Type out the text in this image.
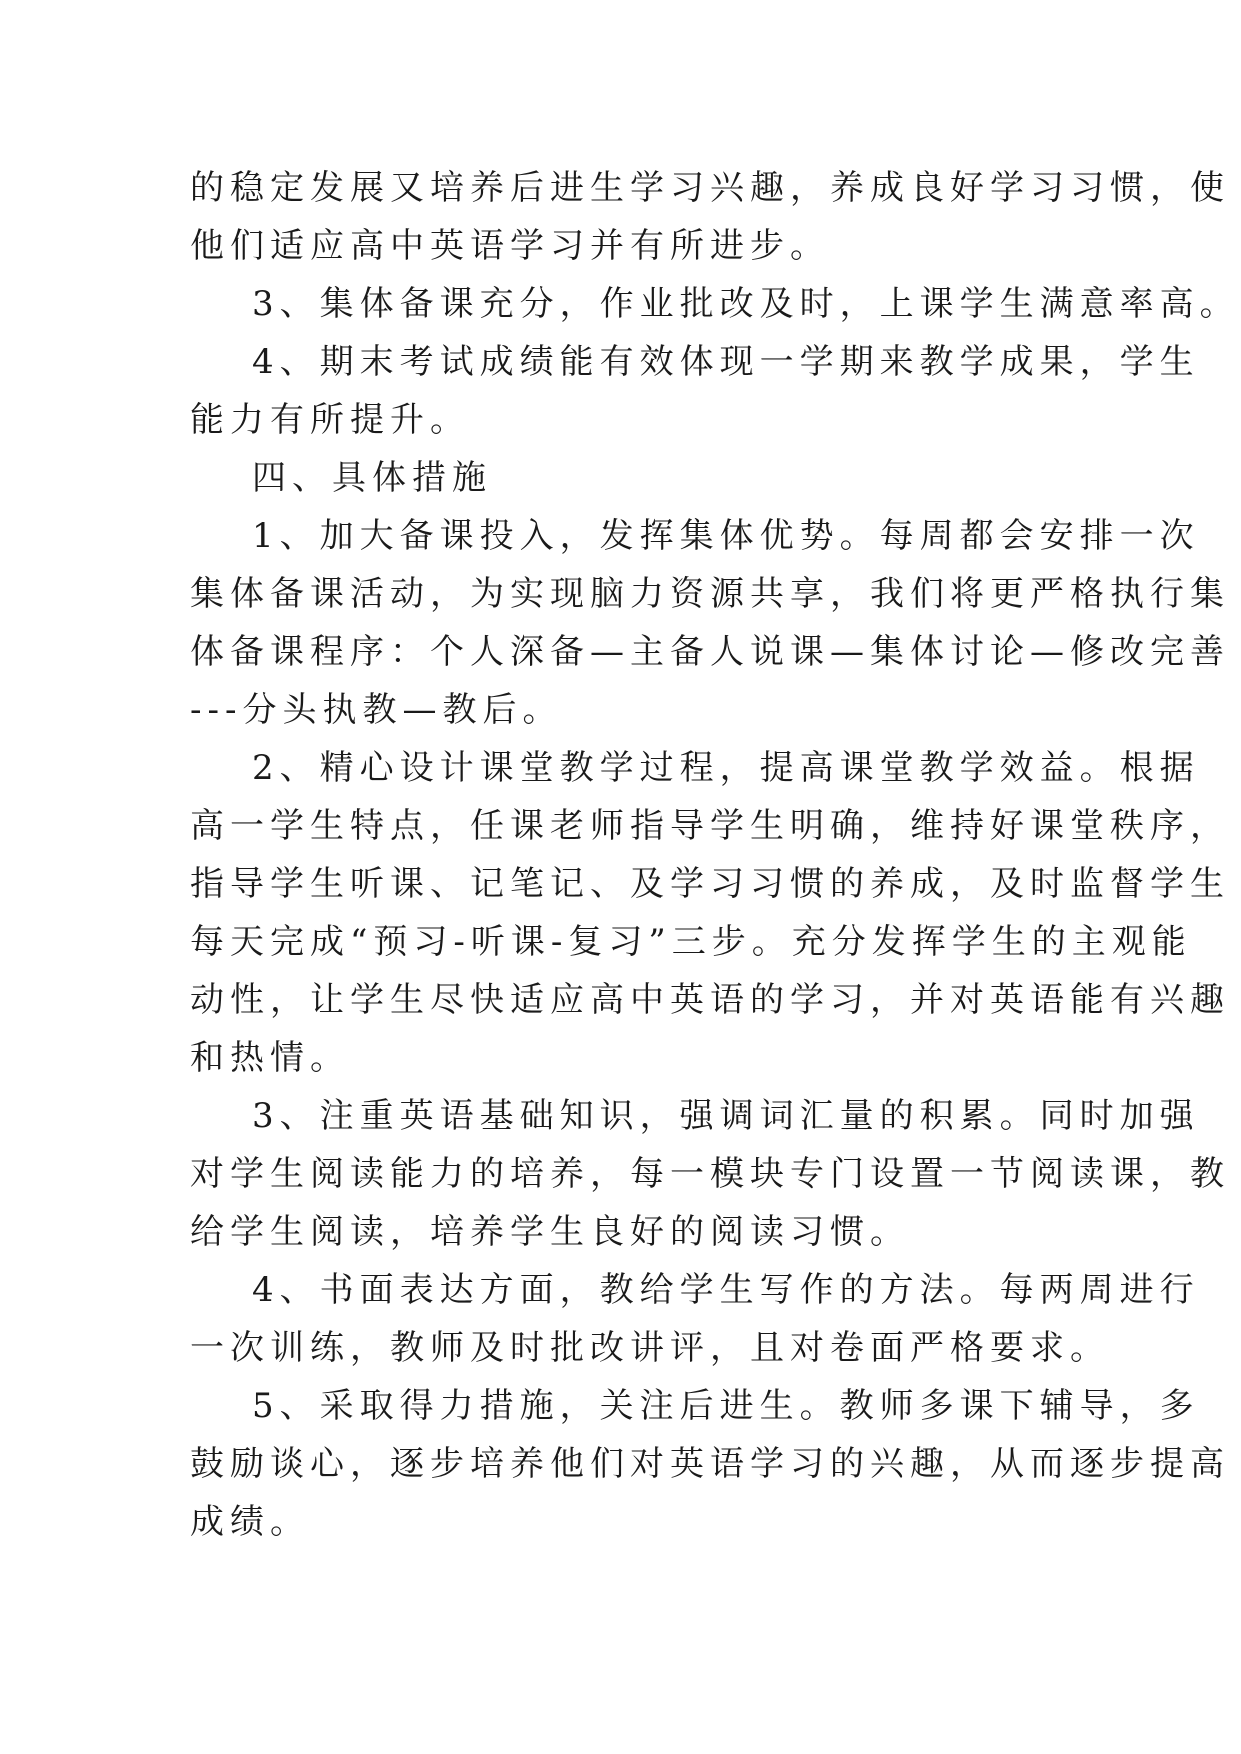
的稳定发展又培养后进生学习兴趣，养成良好学习习惯，使
他们适应高中英语学习并有所进步。
3、集体备课充分，作业批改及时，上课学生满意率高。
4、期末考试成绩能有效体现一学期来教学成果，学生
能力有所提升。
四、具体措施
1、加大备课投入，发挥集体优势。每周都会安排一次
集体备课活动，为实现脑力资源共享，我们将更严格执行集
体备课程序：个人深备—主备人说课—集体讨论—修改完善
---分头执教—教后。
2、精心设计课堂教学过程，提高课堂教学效益。根据
高一学生特点，任课老师指导学生明确，维持好课堂秩序，
指导学生听课、记笔记、及学习习惯的养成，及时监督学生
每天完成“预习-听课-复习”三步。充分发挥学生的主观能
动性，让学生尽快适应高中英语的学习，并对英语能有兴趣
和热情。
3、注重英语基础知识，强调词汇量的积累。同时加强
对学生阅读能力的培养，每一模块专门设置一节阅读课，教
给学生阅读，培养学生良好的阅读习惯。
4、书面表达方面，教给学生写作的方法。每两周进行
一次训练，教师及时批改讲评，且对卷面严格要求。
5、采取得力措施，关注后进生。教师多课下辅导，多
鼓励谈心，逐步培养他们对英语学习的兴趣，从而逐步提高
成绩。
